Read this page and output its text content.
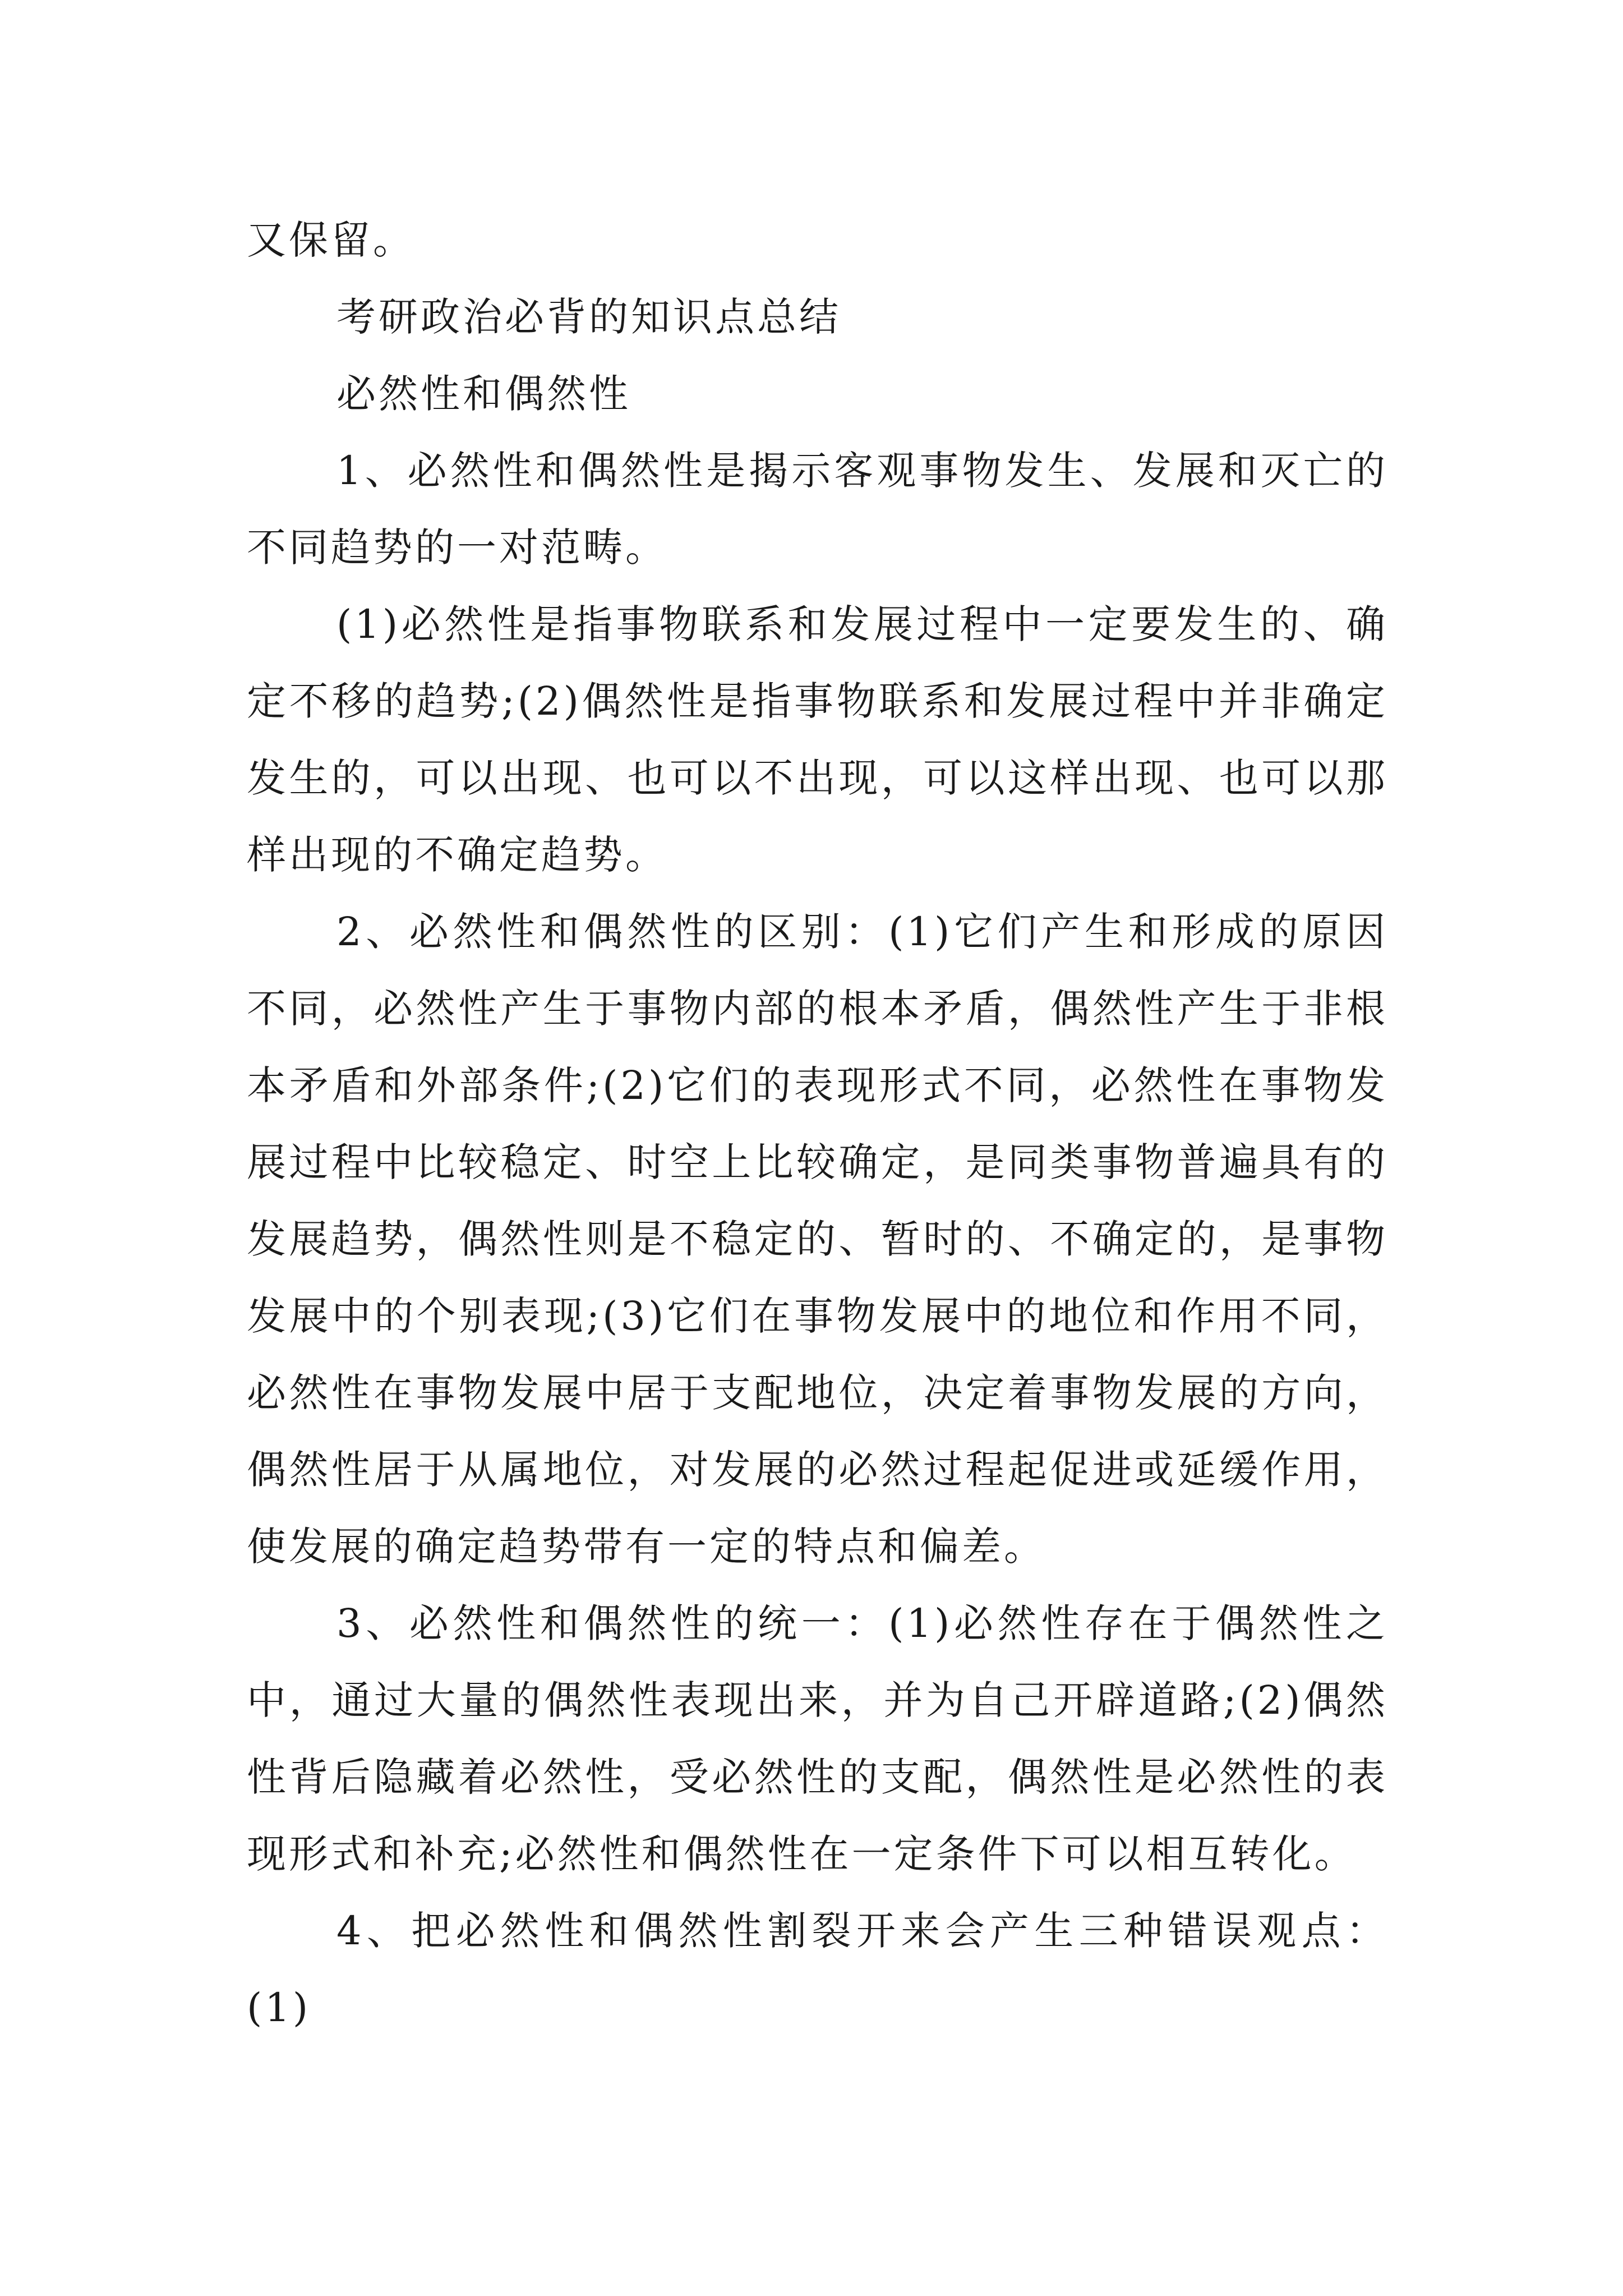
又保留。

考研政治必背的知识点总结

必然性和偶然性

1、必然性和偶然性是揭示客观事物发生、发展和灭亡的不同趋势的一对范畴。

(1)必然性是指事物联系和发展过程中一定要发生的、确定不移的趋势;(2)偶然性是指事物联系和发展过程中并非确定发生的，可以出现、也可以不出现，可以这样出现、也可以那样出现的不确定趋势。

2、必然性和偶然性的区别：(1)它们产生和形成的原因不同，必然性产生于事物内部的根本矛盾，偶然性产生于非根本矛盾和外部条件;(2)它们的表现形式不同，必然性在事物发展过程中比较稳定、时空上比较确定，是同类事物普遍具有的发展趋势，偶然性则是不稳定的、暂时的、不确定的，是事物发展中的个别表现;(3)它们在事物发展中的地位和作用不同，必然性在事物发展中居于支配地位，决定着事物发展的方向，偶然性居于从属地位，对发展的必然过程起促进或延缓作用，使发展的确定趋势带有一定的特点和偏差。

3、必然性和偶然性的统一：(1)必然性存在于偶然性之中，通过大量的偶然性表现出来，并为自己开辟道路;(2)偶然性背后隐藏着必然性，受必然性的支配，偶然性是必然性的表现形式和补充;必然性和偶然性在一定条件下可以相互转化。

4、把必然性和偶然性割裂开来会产生三种错误观点：(1)
